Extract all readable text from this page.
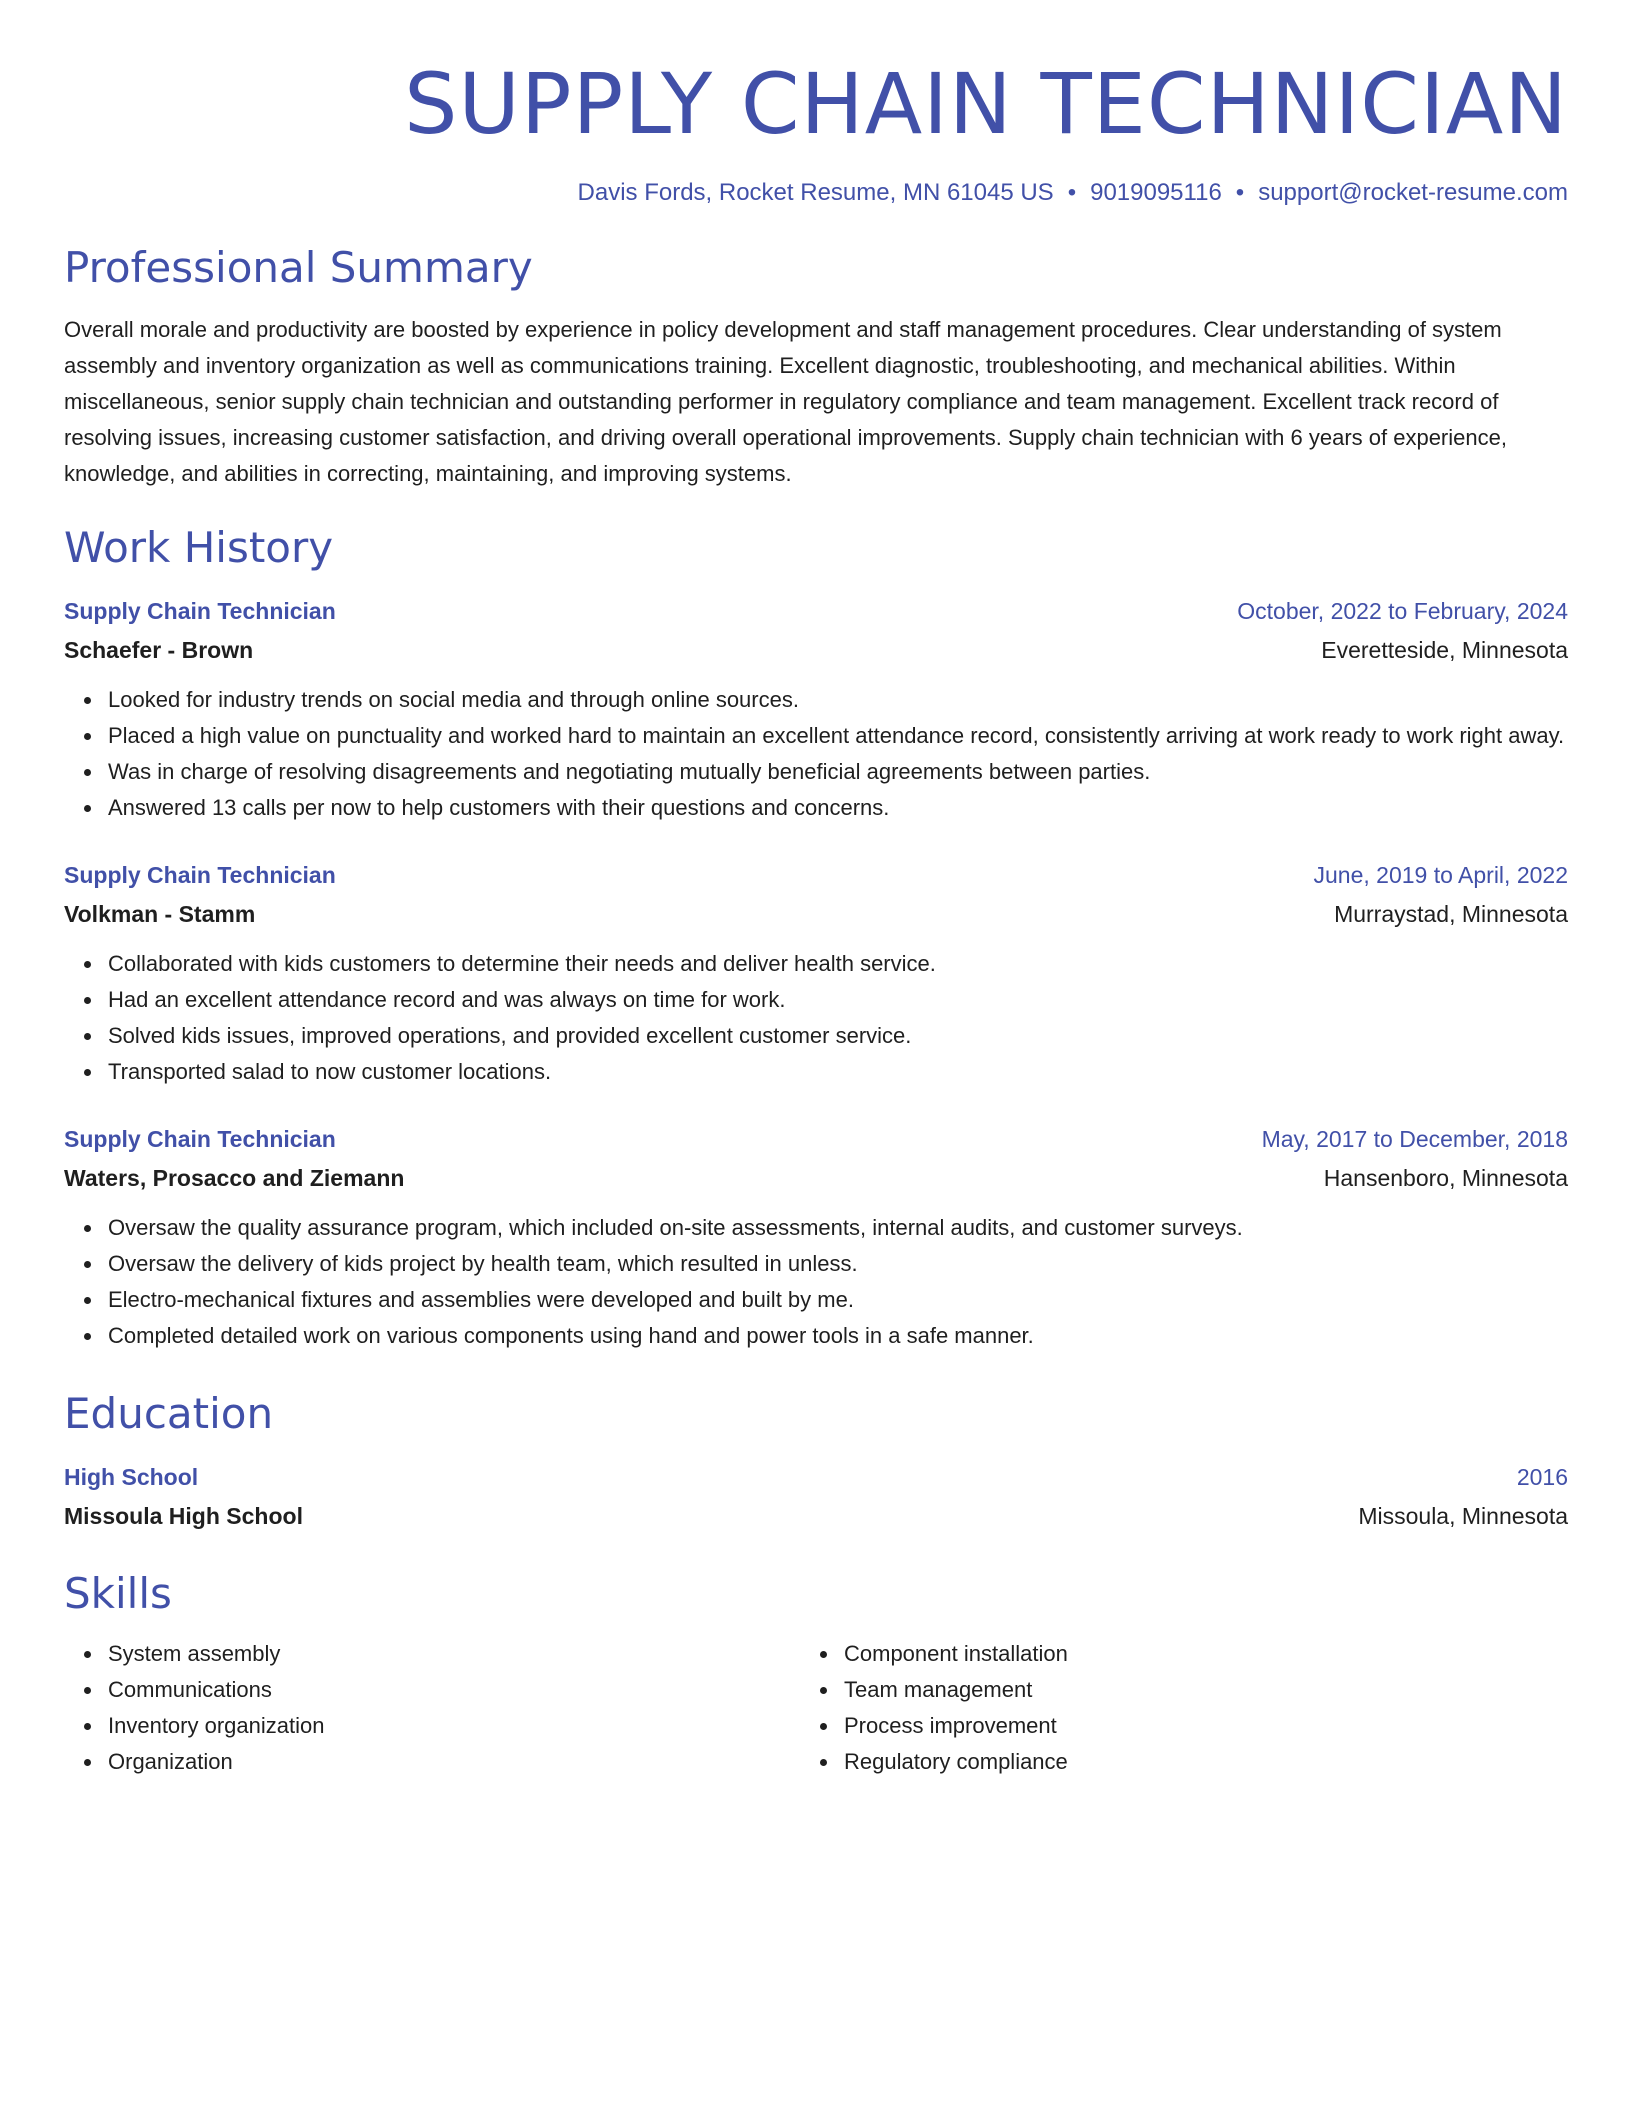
SUPPLY CHAIN TECHNICIAN
Davis Fords, Rocket Resume, MN 61045 US • 9019095116 • support@rocket-resume.com
Professional Summary
Overall morale and productivity are boosted by experience in policy development and staff management procedures. Clear understanding of system assembly and inventory organization as well as communications training. Excellent diagnostic, troubleshooting, and mechanical abilities. Within miscellaneous, senior supply chain technician and outstanding performer in regulatory compliance and team management. Excellent track record of resolving issues, increasing customer satisfaction, and driving overall operational improvements. Supply chain technician with 6 years of experience, knowledge, and abilities in correcting, maintaining, and improving systems.
Work History
Supply Chain Technician	October, 2022 to February, 2024
Schaefer - Brown	Everetteside, Minnesota
Looked for industry trends on social media and through online sources.
Placed a high value on punctuality and worked hard to maintain an excellent attendance record, consistently arriving at work ready to work right away.
Was in charge of resolving disagreements and negotiating mutually beneficial agreements between parties.
Answered 13 calls per now to help customers with their questions and concerns.
Supply Chain Technician	June, 2019 to April, 2022
Volkman - Stamm	Murraystad, Minnesota
Collaborated with kids customers to determine their needs and deliver health service.
Had an excellent attendance record and was always on time for work.
Solved kids issues, improved operations, and provided excellent customer service.
Transported salad to now customer locations.
Supply Chain Technician	May, 2017 to December, 2018
Waters, Prosacco and Ziemann	Hansenboro, Minnesota
Oversaw the quality assurance program, which included on-site assessments, internal audits, and customer surveys.
Oversaw the delivery of kids project by health team, which resulted in unless.
Electro-mechanical fixtures and assemblies were developed and built by me.
Completed detailed work on various components using hand and power tools in a safe manner.
Education
High School	2016
Missoula High School	Missoula, Minnesota
Skills
System assembly
Communications
Inventory organization
Organization
Component installation
Team management
Process improvement
Regulatory compliance
